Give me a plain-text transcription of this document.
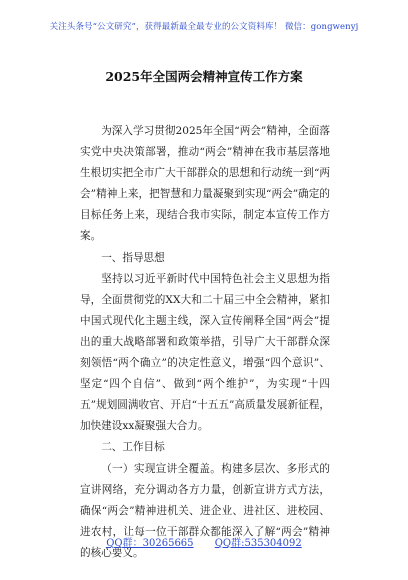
关注头条号“公文研究”，获得最新最全最专业的公文资料库！ 微信：gongwenyj
2025年全国两会精神宣传工作方案

为深入学习贯彻2025年全国“两会”精神，全面落实党中央决策部署，推动“两会”精神在我市基层落地生根切实把全市广大干部群众的思想和行动统一到“两会”精神上来，把智慧和力量凝聚到实现“两会”确定的目标任务上来，现结合我市实际，制定本宣传工作方案。

一、指导思想

坚持以习近平新时代中国特色社会主义思想为指导，全面贯彻党的XX大和二十届三中全会精神，紧扣中国式现代化主题主线，深入宣传阐释全国“两会”提出的重大战略部署和政策举措，引导广大干部群众深刻领悟“两个确立”的决定性意义，增强“四个意识”、坚定“四个自信”、做到“两个维护”，为实现“十四五”规划圆满收官、开启“十五五”高质量发展新征程，加快建设xx凝聚强大合力。

二、工作目标

（一）实现宣讲全覆盖。构建多层次、多形式的宣讲网络，充分调动各方力量，创新宣讲方式方法，确保“两会”精神进机关、进企业、进社区、进校园、进农村，让每一位干部群众都能深入了解“两会”精神的核心要义。

QQ群：30265665 QQ群:535304092
